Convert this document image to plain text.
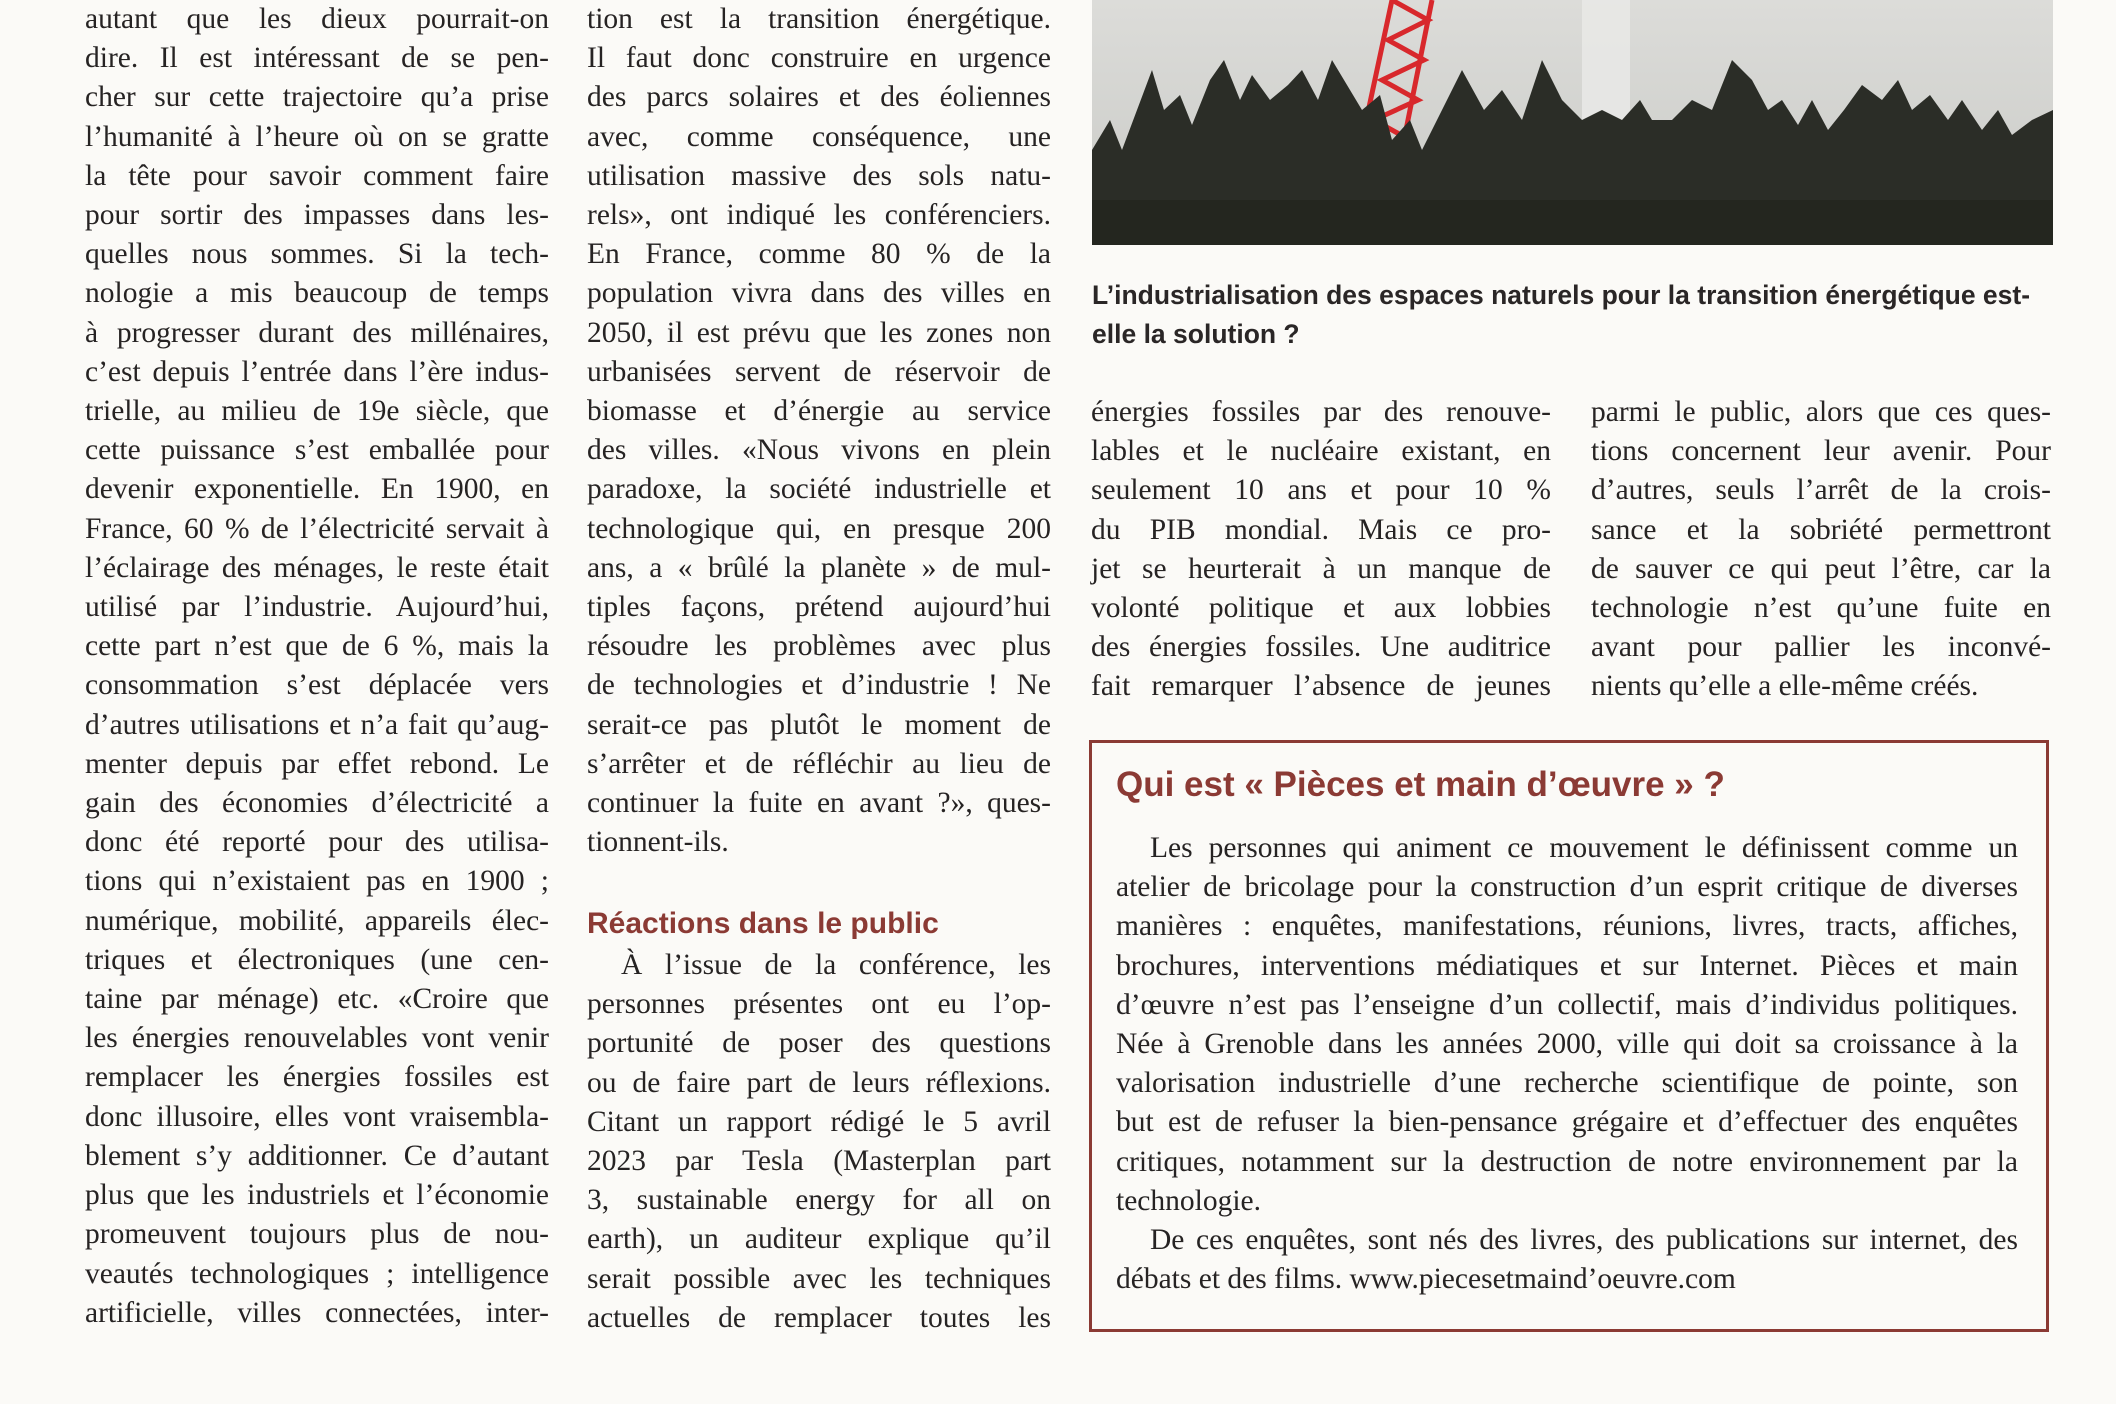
autant que les dieux pourrait-on
dire. Il est intéressant de se pen-
cher sur cette trajectoire qu’a prise
l’humanité à l’heure où on se gratte
la tête pour savoir comment faire
pour sortir des impasses dans les-
quelles nous sommes. Si la tech-
nologie a mis beaucoup de temps
à progresser durant des millénaires,
c’est depuis l’entrée dans l’ère indus-
trielle, au milieu de 19e siècle, que
cette puissance s’est emballée pour
devenir exponentielle. En 1900, en
France, 60 % de l’électricité servait à
l’éclairage des ménages, le reste était
utilisé par l’industrie. Aujourd’hui,
cette part n’est que de 6 %, mais la
consommation s’est déplacée vers
d’autres utilisations et n’a fait qu’aug-
menter depuis par effet rebond. Le
gain des économies d’électricité a
donc été reporté pour des utilisa-
tions qui n’existaient pas en 1900 ;
numérique, mobilité, appareils élec-
triques et électroniques (une cen-
taine par ménage) etc. «Croire que
les énergies renouvelables vont venir
remplacer les énergies fossiles est
donc illusoire, elles vont vraisembla-
blement s’y additionner. Ce d’autant
plus que les industriels et l’économie
promeuvent toujours plus de nou-
veautés technologiques ; intelligence
artificielle, villes connectées, inter-
tion est la transition énergétique.
Il faut donc construire en urgence
des parcs solaires et des éoliennes
avec, comme conséquence, une
utilisation massive des sols natu-
rels», ont indiqué les conférenciers.
En France, comme 80 % de la
population vivra dans des villes en
2050, il est prévu que les zones non
urbanisées servent de réservoir de
biomasse et d’énergie au service
des villes. «Nous vivons en plein
paradoxe, la société industrielle et
technologique qui, en presque 200
ans, a « brûlé la planète » de mul-
tiples façons, prétend aujourd’hui
résoudre les problèmes avec plus
de technologies et d’industrie ! Ne
serait-ce pas plutôt le moment de
s’arrêter et de réfléchir au lieu de
continuer la fuite en avant ?», ques-
tionnent-ils.
Réactions dans le public
À l’issue de la conférence, les
personnes présentes ont eu l’op-
portunité de poser des questions
ou de faire part de leurs réflexions.
Citant un rapport rédigé le 5 avril
2023 par Tesla (Masterplan part
3, sustainable energy for all on
earth), un auditeur explique qu’il
serait possible avec les techniques
actuelles de remplacer toutes les
L’industrialisation des espaces naturels pour la transition énergétique est-elle la solution ?
énergies fossiles par des renouve-
lables et le nucléaire existant, en
seulement 10 ans et pour 10 %
du PIB mondial. Mais ce pro-
jet se heurterait à un manque de
volonté politique et aux lobbies
des énergies fossiles. Une auditrice
fait remarquer l’absence de jeunes
parmi le public, alors que ces ques-
tions concernent leur avenir. Pour
d’autres, seuls l’arrêt de la crois-
sance et la sobriété permettront
de sauver ce qui peut l’être, car la
technologie n’est qu’une fuite en
avant pour pallier les inconvé-
nients qu’elle a elle-même créés.
Qui est « Pièces et main d’œuvre » ?
Les personnes qui animent ce mouvement le définissent comme un
atelier de bricolage pour la construction d’un esprit critique de diverses
manières : enquêtes, manifestations, réunions, livres, tracts, affiches,
brochures, interventions médiatiques et sur Internet. Pièces et main
d’œuvre n’est pas l’enseigne d’un collectif, mais d’individus politiques.
Née à Grenoble dans les années 2000, ville qui doit sa croissance à la
valorisation industrielle d’une recherche scientifique de pointe, son
but est de refuser la bien-pensance grégaire et d’effectuer des enquêtes
critiques, notamment sur la destruction de notre environnement par la
technologie.
De ces enquêtes, sont nés des livres, des publications sur internet, des
débats et des films. www.piecesetmaind’oeuvre.com
